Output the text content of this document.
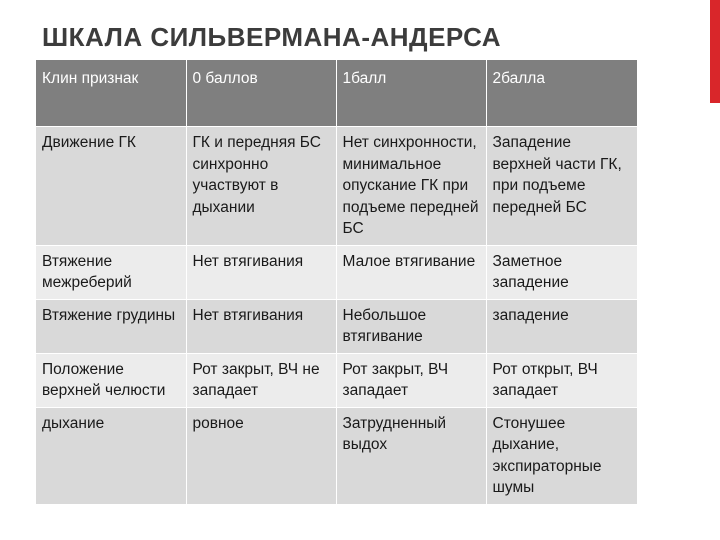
ШКАЛА СИЛЬВЕРМАНА-АНДЕРСА
Клин признак	0 баллов	1балл	2балла
Движение ГК	ГК и передняя БС синхронно участвуют в дыхании	Нет синхронности, минимальное опускание ГК при подъеме передней БС	Западение верхней части ГК, при подъеме передней БС
Втяжение межреберий	Нет втягивания	Малое втягивание	Заметное западение
Втяжение грудины	Нет втягивания	Небольшое втягивание	западение
Положение верхней челюсти	Рот закрыт, ВЧ не западает	Рот закрыт, ВЧ западает	Рот открыт, ВЧ западает
дыхание	ровное	Затрудненный выдох	Стонушее дыхание, экспираторные шумы
